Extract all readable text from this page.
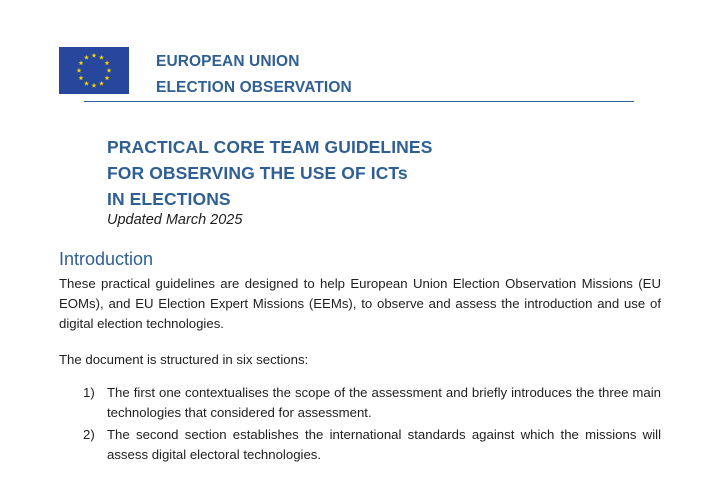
EUROPEAN UNION
ELECTION OBSERVATION
PRACTICAL CORE TEAM GUIDELINES
FOR OBSERVING THE USE OF ICTs
IN ELECTIONS
Updated March 2025
Introduction
These practical guidelines are designed to help European Union Election Observation Missions (EU EOMs), and EU Election Expert Missions (EEMs), to observe and assess the introduction and use of digital election technologies.
The document is structured in six sections:
1) The first one contextualises the scope of the assessment and briefly introduces the three main technologies that considered for assessment.
2) The second section establishes the international standards against which the missions will assess digital electoral technologies.
